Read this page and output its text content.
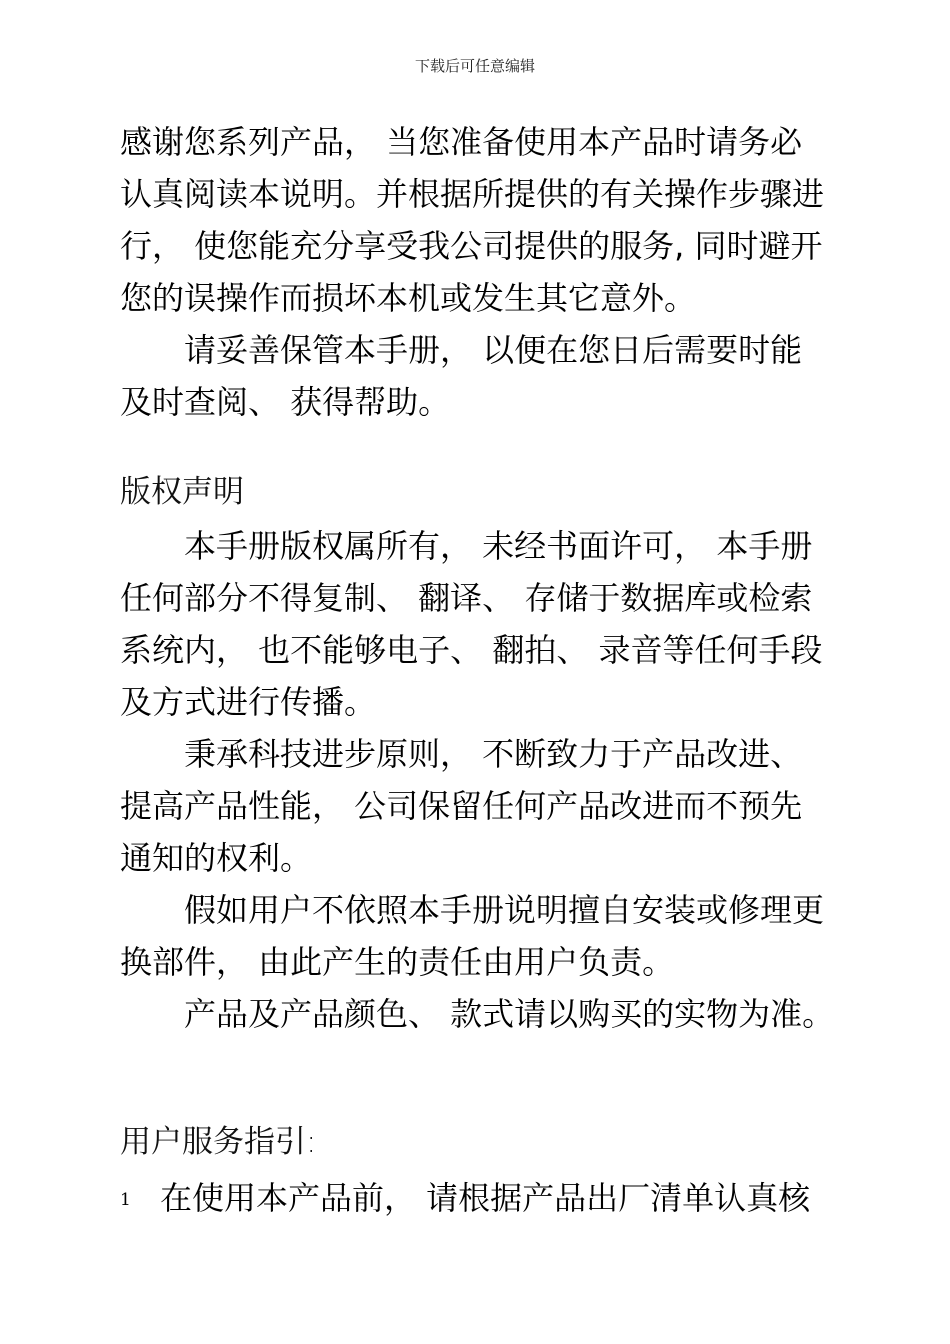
下载后可任意编辑

感谢您系列产品， 当您准备使用本产品时请务必认真阅读本说明。并根据所提供的有关操作步骤进行， 使您能充分享受我公司提供的服务, 同时避开您的误操作而损坏本机或发生其它意外。

请妥善保管本手册， 以便在您日后需要时能及时查阅、 获得帮助。

版权声明

本手册版权属所有， 未经书面许可， 本手册任何部分不得复制、 翻译、 存储于数据库或检索系统内， 也不能够电子、 翻拍、 录音等任何手段及方式进行传播。

秉承科技进步原则， 不断致力于产品改进、提高产品性能， 公司保留任何产品改进而不预先通知的权利。

假如用户不依照本手册说明擅自安装或修理更换部件， 由此产生的责任由用户负责。

产品及产品颜色、 款式请以购买的实物为准。

用户服务指引:
1 在使用本产品前， 请根据产品出厂清单认真核
